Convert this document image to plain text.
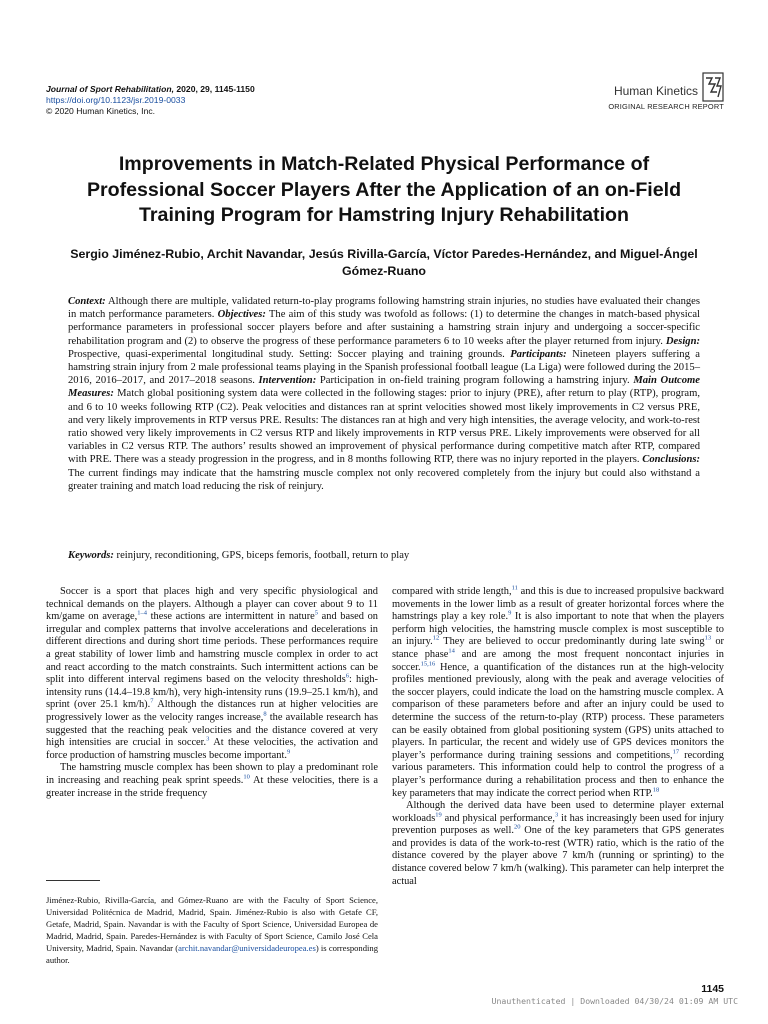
Journal of Sport Rehabilitation, 2020, 29, 1145-1150
https://doi.org/10.1123/jsr.2019-0033
© 2020 Human Kinetics, Inc.
Human Kinetics
ORIGINAL RESEARCH REPORT
Improvements in Match-Related Physical Performance of Professional Soccer Players After the Application of an on-Field Training Program for Hamstring Injury Rehabilitation
Sergio Jiménez-Rubio, Archit Navandar, Jesús Rivilla-García, Víctor Paredes-Hernández, and Miguel-Ángel Gómez-Ruano
Context: Although there are multiple, validated return-to-play programs following hamstring strain injuries, no studies have evaluated their changes in match performance parameters. Objectives: The aim of this study was twofold as follows: (1) to determine the changes in match-based physical performance parameters in professional soccer players before and after sustaining a hamstring strain injury and undergoing a soccer-specific rehabilitation program and (2) to observe the progress of these performance parameters 6 to 10 weeks after the player returned from injury. Design: Prospective, quasi-experimental longitudinal study. Setting: Soccer playing and training grounds. Participants: Nineteen players suffering a hamstring strain injury from 2 male professional teams playing in the Spanish professional football league (La Liga) were followed during the 2015–2016, 2016–2017, and 2017–2018 seasons. Intervention: Participation in on-field training program following a hamstring injury. Main Outcome Measures: Match global positioning system data were collected in the following stages: prior to injury (PRE), after return to play (RTP), program, and 6 to 10 weeks following RTP (C2). Peak velocities and distances ran at sprint velocities showed most likely improvements in C2 versus PRE, and very likely improvements in RTP versus PRE. Results: The distances ran at high and very high intensities, the average velocity, and work-to-rest ratio showed very likely improvements in C2 versus RTP and likely improvements in RTP versus PRE. Likely improvements were observed for all variables in C2 versus RTP. The authors’ results showed an improvement of physical performance during competitive match after RTP, compared with PRE. There was a steady progression in the progress, and in 8 months following RTP, there was no injury reported in the players. Conclusions: The current findings may indicate that the hamstring muscle complex not only recovered completely from the injury but could also withstand a greater training and match load reducing the risk of reinjury.
Keywords: reinjury, reconditioning, GPS, biceps femoris, football, return to play

Soccer is a sport that places high and very specific physiological and technical demands on the players. Although a player can cover about 9 to 11 km/game on average,$^{1-4}$ these actions are intermittent in nature$^5$ and based on irregular and complex patterns that involve accelerations and decelerations in different directions and during short time periods. These performances require a great stability of lower limb and hamstring muscle complex in order to act and react according to the match constraints. Such intermittent actions can be split into different interval regimens based on the velocity thresholds$^6$: high-intensity runs (14.4–19.8 km/h), very high-intensity runs (19.9–25.1 km/h), and sprint (over 25.1 km/h).$^7$ Although the distances run at higher velocities are progressively lower as the velocity ranges increase,$^8$ the available research has suggested that the reaching peak velocities and the distance covered at very high intensities are crucial in soccer.$^3$ At these velocities, the activation and force production of hamstring muscles become important.$^9$

The hamstring muscle complex has been shown to play a predominant role in increasing and reaching peak sprint speeds.$^{10}$ At these velocities, there is a greater increase in the stride frequency

compared with stride length,$^{11}$ and this is due to increased propulsive backward movements in the lower limb as a result of greater horizontal forces where the hamstrings play a key role.$^9$ It is also important to note that when the players perform high velocities, the hamstring muscle complex is most susceptible to an injury.$^{12}$ They are believed to occur predominantly during late swing$^{13}$ or stance phase$^{14}$ and are among the most frequent noncontact injuries in soccer.$^{15,16}$ Hence, a quantification of the distances run at the high-velocity profiles mentioned previously, along with the peak and average velocities of the soccer players, could indicate the load on the hamstring muscle complex. A comparison of these parameters before and after an injury could be used to determine the success of the return-to-play (RTP) process. These parameters can be easily obtained from global positioning system (GPS) units attached to players. In particular, the recent and widely use of GPS devices monitors the player’s performance during training sessions and competitions,$^{17}$ recording various parameters. This information could help to control the progress of a player’s performance during a rehabilitation process and then to enhance the key parameters that may indicate the correct period when RTP.$^{18}$

Although the derived data have been used to determine player external workloads$^{19}$ and physical performance,$^3$ it has increasingly been used for injury prevention purposes as well.$^{20}$ One of the key parameters that GPS generates and provides is data of the work-to-rest (WTR) ratio, which is the ratio of the distance covered by the player above 7 km/h (running or sprinting) to the distance covered below 7 km/h (walking). This parameter can help interpret the actual

Jiménez-Rubio, Rivilla-García, and Gómez-Ruano are with the Faculty of Sport Science, Universidad Politécnica de Madrid, Madrid, Spain. Jiménez-Rubio is also with Getafe CF, Getafe, Madrid, Spain. Navandar is with the Faculty of Sport Science, Universidad Europea de Madrid, Madrid, Spain. Paredes-Hernández is with Faculty of Sport Science, Camilo José Cela University, Madrid, Spain. Navandar (archit.navandar@universidadeuropea.es) is corresponding author.
1145
Unauthenticated | Downloaded 04/30/24 01:09 AM UTC
